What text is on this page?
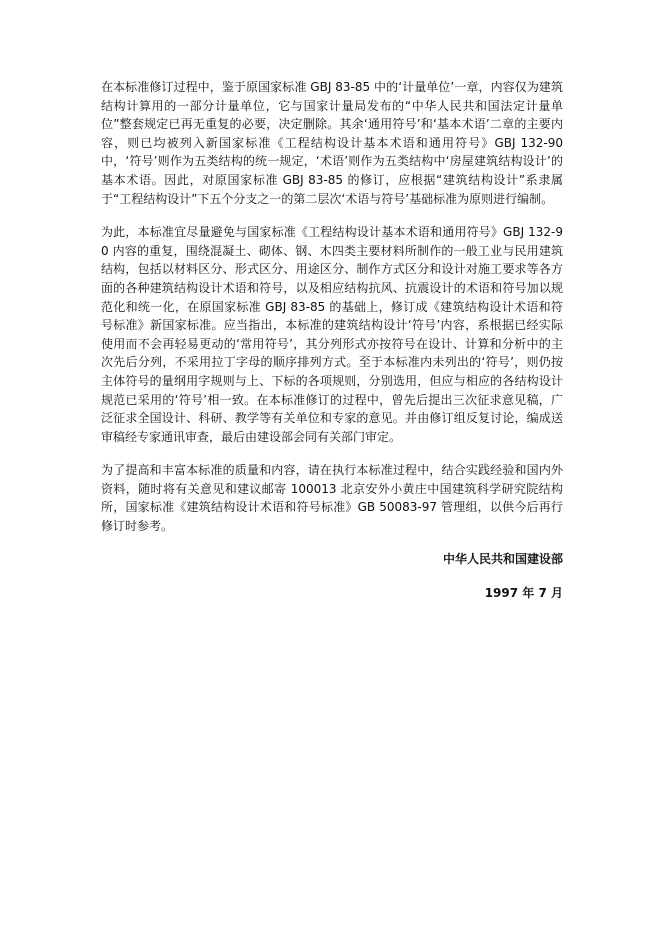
在本标准修订过程中，鉴于原国家标准 GBJ 83-85 中的‘计量单位’一章，内容仅为建筑结构计算用的一部分计量单位，它与国家计量局发布的“中华人民共和国法定计量单位”整套规定已再无重复的必要，决定删除。其余‘通用符号’和‘基本术语’二章的主要内容，则已均被列入新国家标准《工程结构设计基本术语和通用符号》GBJ 132-90 中，‘符号’则作为五类结构的统一规定，‘术语’则作为五类结构中‘房屋建筑结构设计’的基本术语。因此，对原国家标准 GBJ 83-85 的修订，应根据“建筑结构设计”系隶属于“工程结构设计”下五个分支之一的第二层次‘术语与符号’基础标准为原则进行编制。

为此，本标准宜尽量避免与国家标准《工程结构设计基本术语和通用符号》GBJ 132-90 内容的重复，围绕混凝土、砌体、钢、木四类主要材料所制作的一般工业与民用建筑结构，包括以材料区分、形式区分、用途区分、制作方式区分和设计对施工要求等各方面的各种建筑结构设计术语和符号，以及相应结构抗风、抗震设计的术语和符号加以规范化和统一化，在原国家标准 GBJ 83-85 的基础上，修订成《建筑结构设计术语和符号标准》新国家标准。应当指出，本标准的建筑结构设计‘符号’内容，系根据已经实际使用而不会再轻易更动的‘常用符号’，其分列形式亦按符号在设计、计算和分析中的主次先后分列，不采用拉丁字母的顺序排列方式。至于本标准内未列出的‘符号’，则仍按主体符号的量纲用字规则与上、下标的各项规则，分别选用，但应与相应的各结构设计规范已采用的‘符号’相一致。在本标准修订的过程中，曾先后提出三次征求意见稿，广泛征求全国设计、科研、教学等有关单位和专家的意见。并由修订组反复讨论，编成送审稿经专家通讯审查，最后由建设部会同有关部门审定。

为了提高和丰富本标准的质量和内容，请在执行本标准过程中，结合实践经验和国内外资料，随时将有关意见和建议邮寄 100013 北京安外小黄庄中国建筑科学研究院结构所，国家标准《建筑结构设计术语和符号标准》GB 50083-97 管理组，以供今后再行修订时参考。

中华人民共和国建设部
1997 年 7 月
